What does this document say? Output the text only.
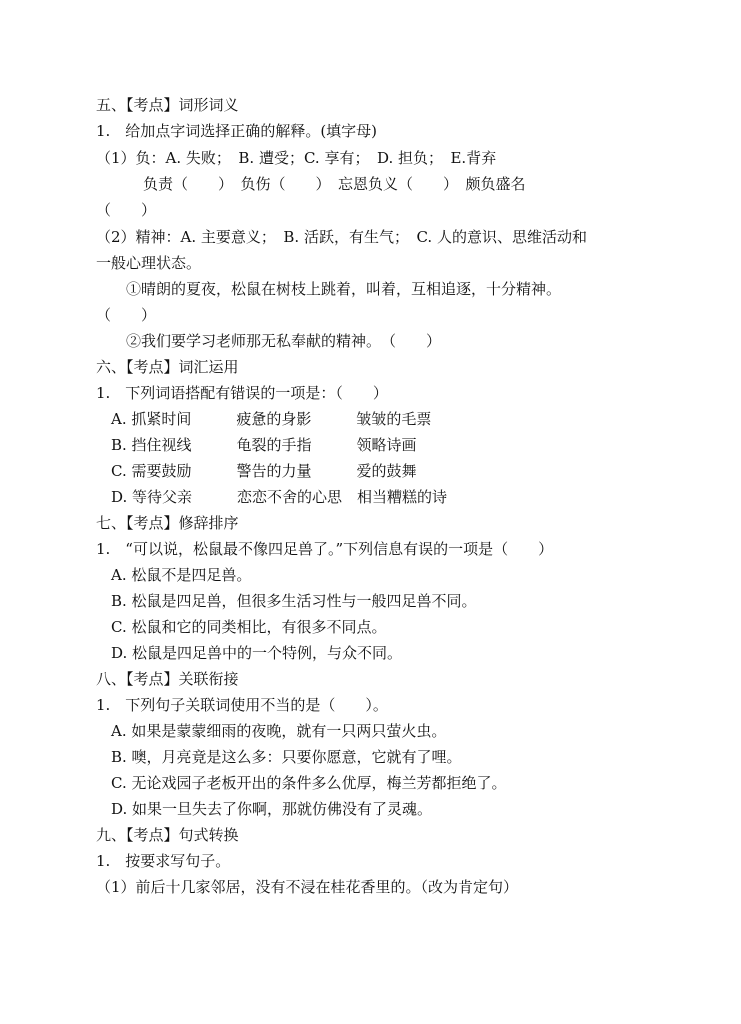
五、【考点】词形词义
1.　给加点字词选择正确的解释。(填字母)
（1）负：A. 失败；　B. 遭受；C. 享有；　D. 担负；　E.背弃
负责（　　）　负伤（　　）　忘恩负义（　　）　颇负盛名
（　　）
（2）精神：A. 主要意义；　B. 活跃，有生气；　C. 人的意识、思维活动和
一般心理状态。
①晴朗的夏夜，松鼠在树枝上跳着，叫着，互相追逐，十分精神。
（　　）
②我们要学习老师那无私奉献的精神。　（　　）
六、【考点】词汇运用
1.　下列词语搭配有错误的一项是：（　　）
A. 抓紧时间　　　疲惫的身影　　　皱皱的毛票
B. 挡住视线　　　龟裂的手指　　　领略诗画
C. 需要鼓励　　　警告的力量　　　爱的鼓舞
D. 等待父亲　　　恋恋不舍的心思　相当糟糕的诗
七、【考点】修辞排序
1.　“可以说，松鼠最不像四足兽了。”下列信息有误的一项是（　　）
A. 松鼠不是四足兽。
B. 松鼠是四足兽，但很多生活习性与一般四足兽不同。
C. 松鼠和它的同类相比，有很多不同点。
D. 松鼠是四足兽中的一个特例，与众不同。
八、【考点】关联衔接
1.　下列句子关联词使用不当的是（　　）。
A. 如果是蒙蒙细雨的夜晚，就有一只两只萤火虫。
B. 噢，月亮竟是这么多：只要你愿意，它就有了哩。
C. 无论戏园子老板开出的条件多么优厚，梅兰芳都拒绝了。
D. 如果一旦失去了你啊，那就仿佛没有了灵魂。
九、【考点】句式转换
1.　按要求写句子。
（1）前后十几家邻居，没有不浸在桂花香里的。（改为肯定句）
